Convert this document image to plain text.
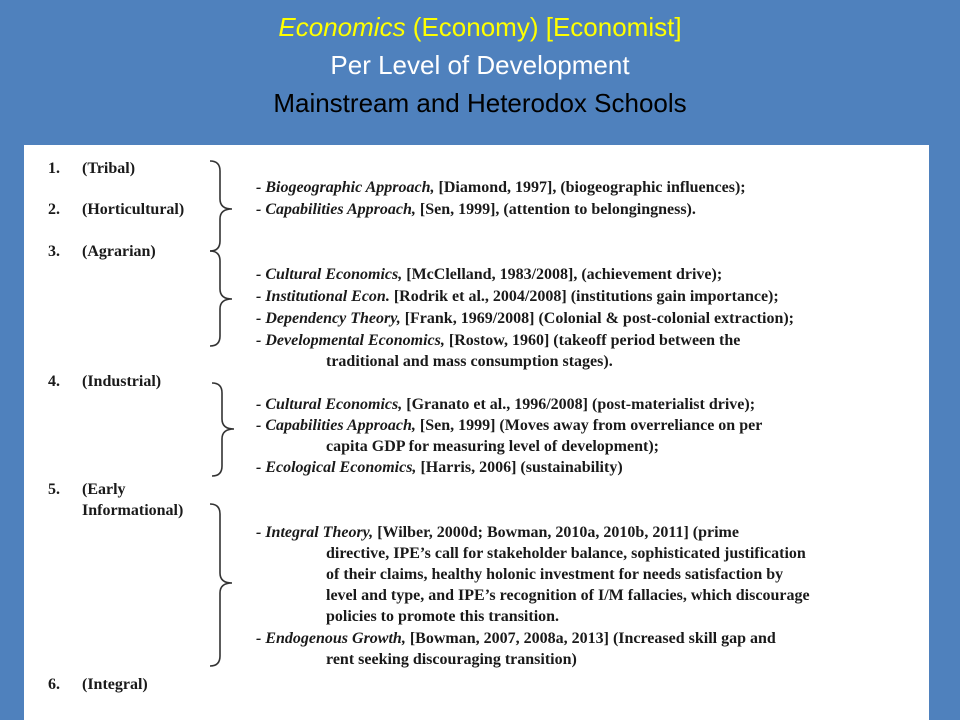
Economics (Economy) [Economist]
Per Level of Development
Mainstream and Heterodox Schools
1. (Tribal)
2. (Horticultural)
3. (Agrarian)
4. (Industrial)
5. (Early
Informational)
6. (Integral)
- Biogeographic Approach, [Diamond, 1997], (biogeographic influences);
- Capabilities Approach, [Sen, 1999], (attention to belongingness).
- Cultural Economics, [McClelland, 1983/2008], (achievement drive);
- Institutional Econ. [Rodrik et al., 2004/2008] (institutions gain importance);
- Dependency Theory, [Frank, 1969/2008] (Colonial & post-colonial extraction);
- Developmental Economics, [Rostow, 1960] (takeoff period between the
traditional and mass consumption stages).
- Cultural Economics, [Granato et al., 1996/2008] (post-materialist drive);
- Capabilities Approach, [Sen, 1999] (Moves away from overreliance on per
capita GDP for measuring level of development);
- Ecological Economics, [Harris, 2006] (sustainability)
- Integral Theory, [Wilber, 2000d; Bowman, 2010a, 2010b, 2011] (prime
directive, IPE’s call for stakeholder balance, sophisticated justification
of their claims, healthy holonic investment for needs satisfaction by
level and type, and IPE’s recognition of I/M fallacies, which discourage
policies to promote this transition.
- Endogenous Growth, [Bowman, 2007, 2008a, 2013] (Increased skill gap and
rent seeking discouraging transition)
